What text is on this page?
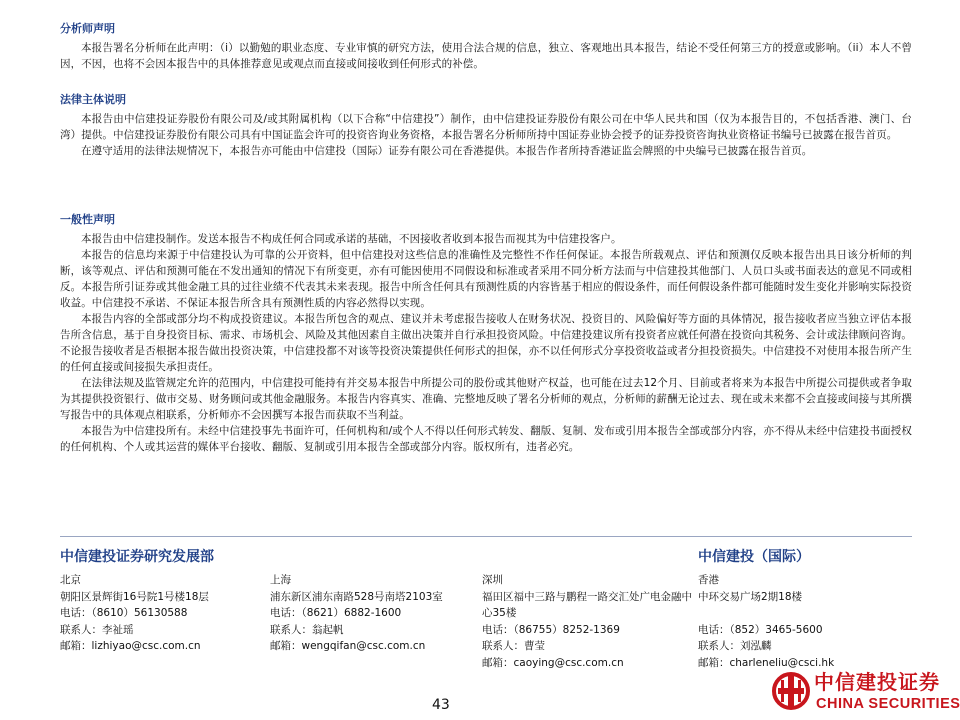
分析师声明

本报告署名分析师在此声明：（i）以勤勉的职业态度、专业审慎的研究方法，使用合法合规的信息，独立、客观地出具本报告，结论不受任何第三方的授意或影响。（ii）本人不曾因，不因，也将不会因本报告中的具体推荐意见或观点而直接或间接收到任何形式的补偿。

法律主体说明

本报告由中信建投证券股份有限公司及/或其附属机构（以下合称“中信建投”）制作，由中信建投证券股份有限公司在中华人民共和国（仅为本报告目的，不包括香港、澳门、台湾）提供。中信建投证券股份有限公司具有中国证监会许可的投资咨询业务资格，本报告署名分析师所持中国证券业协会授予的证券投资咨询执业资格证书编号已披露在报告首页。

在遵守适用的法律法规情况下，本报告亦可能由中信建投（国际）证券有限公司在香港提供。本报告作者所持香港证监会牌照的中央编号已披露在报告首页。

一般性声明

本报告由中信建投制作。发送本报告不构成任何合同或承诺的基础，不因接收者收到本报告而视其为中信建投客户。

本报告的信息均来源于中信建投认为可靠的公开资料，但中信建投对这些信息的准确性及完整性不作任何保证。本报告所载观点、评估和预测仅反映本报告出具日该分析师的判断，该等观点、评估和预测可能在不发出通知的情况下有所变更，亦有可能因使用不同假设和标准或者采用不同分析方法而与中信建投其他部门、人员口头或书面表达的意见不同或相反。本报告所引证券或其他金融工具的过往业绩不代表其未来表现。报告中所含任何具有预测性质的内容皆基于相应的假设条件，而任何假设条件都可能随时发生变化并影响实际投资收益。中信建投不承诺、不保证本报告所含具有预测性质的内容必然得以实现。

本报告内容的全部或部分均不构成投资建议。本报告所包含的观点、建议并未考虑报告接收人在财务状况、投资目的、风险偏好等方面的具体情况，报告接收者应当独立评估本报告所含信息，基于自身投资目标、需求、市场机会、风险及其他因素自主做出决策并自行承担投资风险。中信建投建议所有投资者应就任何潜在投资向其税务、会计或法律顾问咨询。不论报告接收者是否根据本报告做出投资决策，中信建投都不对该等投资决策提供任何形式的担保，亦不以任何形式分享投资收益或者分担投资损失。中信建投不对使用本报告所产生的任何直接或间接损失承担责任。

在法律法规及监管规定允许的范围内，中信建投可能持有并交易本报告中所提公司的股份或其他财产权益，也可能在过去12个月、目前或者将来为本报告中所提公司提供或者争取为其提供投资银行、做市交易、财务顾问或其他金融服务。本报告内容真实、准确、完整地反映了署名分析师的观点，分析师的薪酬无论过去、现在或未来都不会直接或间接与其所撰写报告中的具体观点相联系，分析师亦不会因撰写本报告而获取不当利益。

本报告为中信建投所有。未经中信建投事先书面许可，任何机构和/或个人不得以任何形式转发、翻版、复制、发布或引用本报告全部或部分内容，亦不得从未经中信建投书面授权的任何机构、个人或其运营的媒体平台接收、翻版、复制或引用本报告全部或部分内容。版权所有，违者必究。

中信建投证券研究发展部	中信建投（国际）

北京

朝阳区景辉街16号院1号楼18层

电话：（8610）56130588

联系人：李祉瑶

邮箱：lizhiyao@csc.com.cn

上海

浦东新区浦东南路528号南塔2103室

电话：（8621）6882-1600

联系人：翁起帆

邮箱：wengqifan@csc.com.cn

深圳

福田区福中三路与鹏程一路交汇处广电金融中心35楼

电话：（86755）8252-1369

联系人：曹莹

邮箱：caoying@csc.com.cn

香港

中环交易广场2期18楼

电话：（852）3465-5600

联系人：刘泓麟

邮箱：charleneliu@csci.hk

43
中信建投证券
CHINA SECURITIES
